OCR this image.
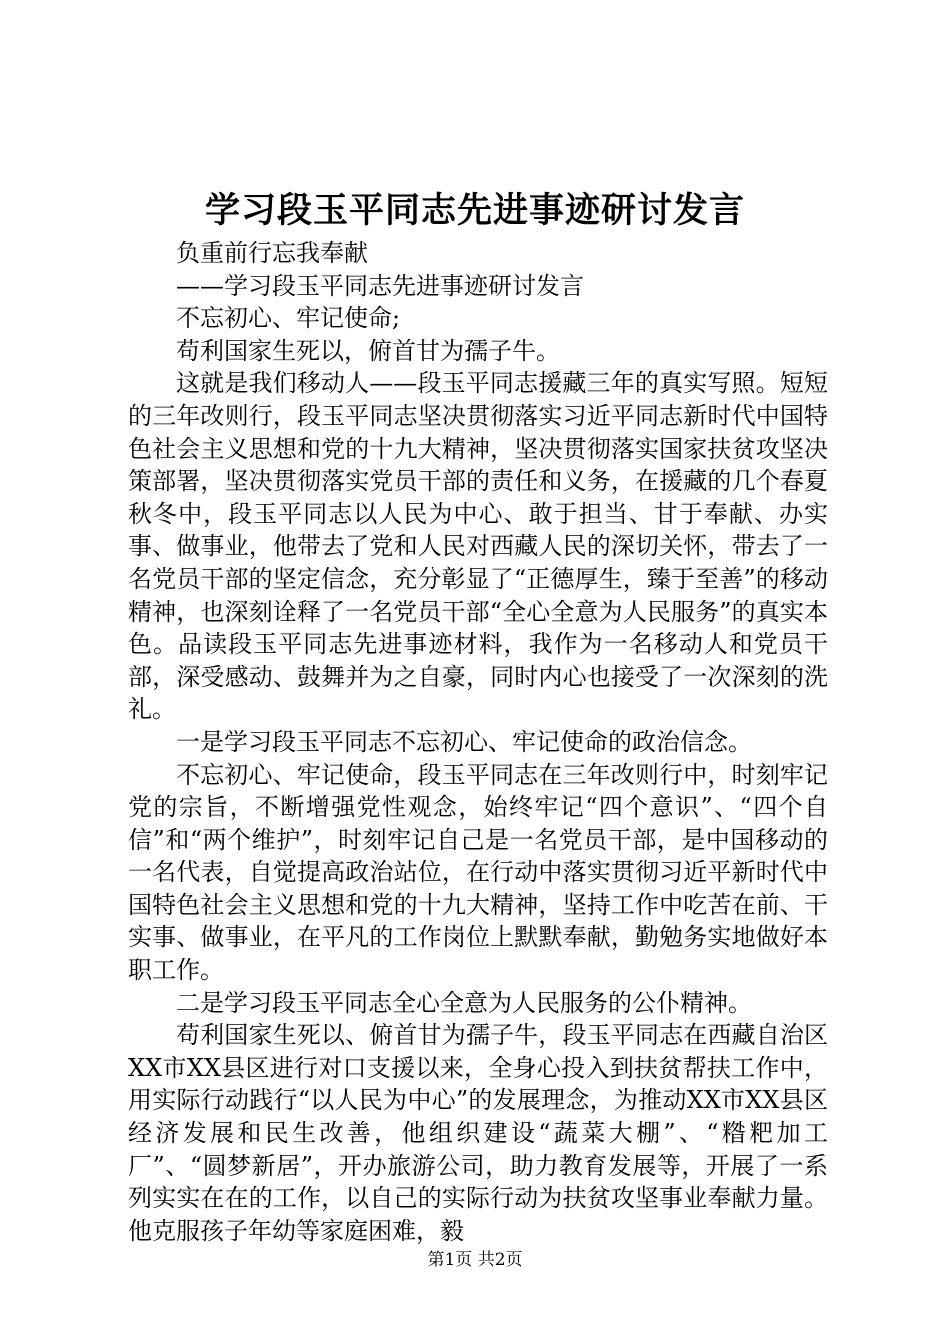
学习段玉平同志先进事迹研讨发言

负重前行忘我奉献

——学习段玉平同志先进事迹研讨发言

不忘初心、牢记使命;

苟利国家生死以，俯首甘为孺子牛。

这就是我们移动人——段玉平同志援藏三年的真实写照。短短的三年改则行，段玉平同志坚决贯彻落实习近平同志新时代中国特色社会主义思想和党的十九大精神，坚决贯彻落实国家扶贫攻坚决策部署，坚决贯彻落实党员干部的责任和义务，在援藏的几个春夏秋冬中，段玉平同志以人民为中心、敢于担当、甘于奉献、办实事、做事业，他带去了党和人民对西藏人民的深切关怀，带去了一名党员干部的坚定信念，充分彰显了“正德厚生，臻于至善”的移动精神，也深刻诠释了一名党员干部“全心全意为人民服务”的真实本色。品读段玉平同志先进事迹材料，我作为一名移动人和党员干部，深受感动、鼓舞并为之自豪，同时内心也接受了一次深刻的洗礼。

一是学习段玉平同志不忘初心、牢记使命的政治信念。

不忘初心、牢记使命，段玉平同志在三年改则行中，时刻牢记党的宗旨，不断增强党性观念，始终牢记“四个意识”、“四个自信”和“两个维护”，时刻牢记自己是一名党员干部，是中国移动的一名代表，自觉提高政治站位，在行动中落实贯彻习近平新时代中国特色社会主义思想和党的十九大精神，坚持工作中吃苦在前、干实事、做事业，在平凡的工作岗位上默默奉献，勤勉务实地做好本职工作。

二是学习段玉平同志全心全意为人民服务的公仆精神。

苟利国家生死以、俯首甘为孺子牛，段玉平同志在西藏自治区XX市XX县区进行对口支援以来，全身心投入到扶贫帮扶工作中，用实际行动践行“以人民为中心”的发展理念，为推动XX市XX县区经济发展和民生改善，他组织建设“蔬菜大棚”、“糌粑加工厂”、“圆梦新居”，开办旅游公司，助力教育发展等，开展了一系列实实在在的工作，以自己的实际行动为扶贫攻坚事业奉献力量。他克服孩子年幼等家庭困难，毅

第1页 共2页
